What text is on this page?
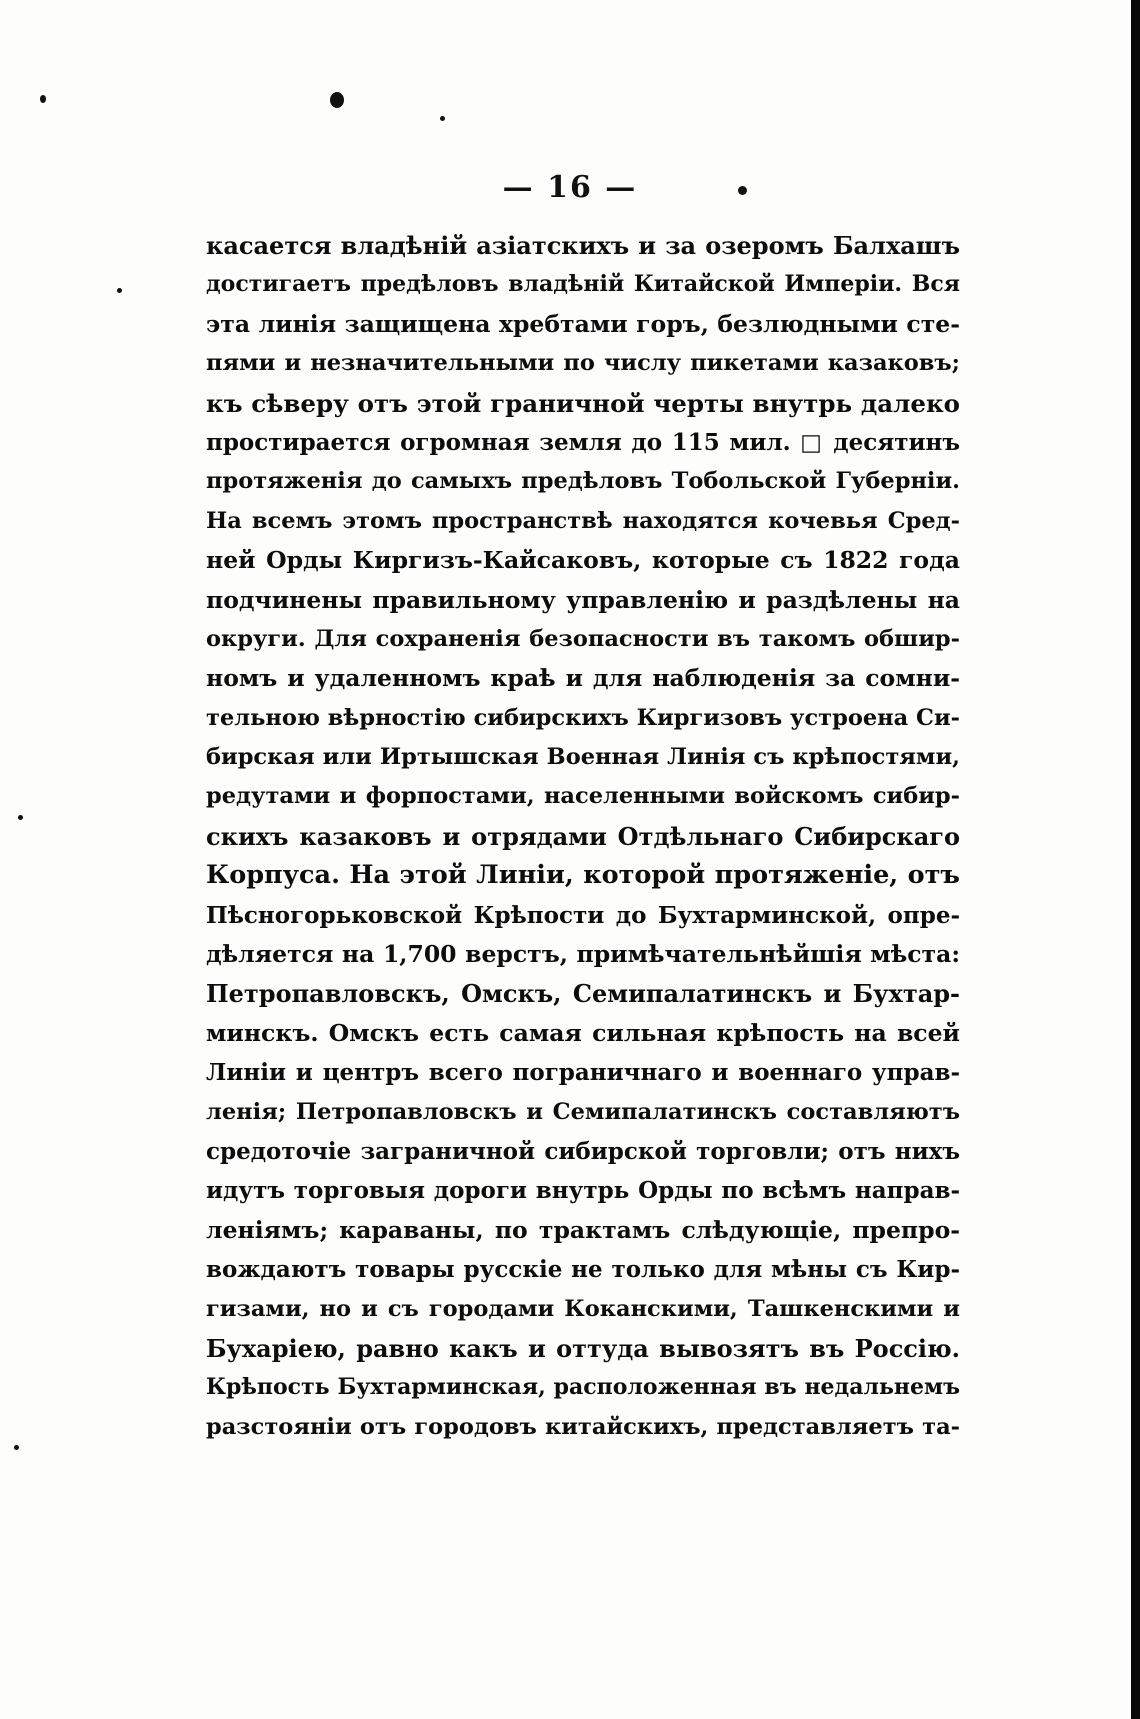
— 16 —
касается владѣній азіатскихъ и за озеромъ Балхашъ
достигаетъ предѣловъ владѣній Китайской Имперіи. Вся
эта линія защищена хребтами горъ, безлюдными сте-
пями и незначительными по числу пикетами казаковъ;
къ сѣверу отъ этой граничной черты внутрь далеко
простирается огромная земля до 115 мил. □ десятинъ
протяженія до самыхъ предѣловъ Тобольской Губерніи.
На всемъ этомъ пространствѣ находятся кочевья Сред-
ней Орды Киргизъ-Кайсаковъ, которые съ 1822 года
подчинены правильному управленію и раздѣлены на
округи. Для сохраненія безопасности въ такомъ обшир-
номъ и удаленномъ краѣ и для наблюденія за сомни-
тельною вѣрностію сибирскихъ Киргизовъ устроена Си-
бирская или Иртышская Военная Линія съ крѣпостями,
редутами и форпостами, населенными войскомъ сибир-
скихъ казаковъ и отрядами Отдѣльнаго Сибирскаго
Корпуса. На этой Линіи, которой протяженіе, отъ
Пѣсногорьковской Крѣпости до Бухтарминской, опре-
дѣляется на 1,700 верстъ, примѣчательнѣйшія мѣста:
Петропавловскъ, Омскъ, Семипалатинскъ и Бухтар-
минскъ. Омскъ есть самая сильная крѣпость на всей
Линіи и центръ всего пограничнаго и военнаго управ-
ленія; Петропавловскъ и Семипалатинскъ составляютъ
средоточіе заграничной сибирской торговли; отъ нихъ
идутъ торговыя дороги внутрь Орды по всѣмъ направ-
леніямъ; караваны, по трактамъ слѣдующіе, препро-
вождаютъ товары русскіе не только для мѣны съ Кир-
гизами, но и съ городами Коканскими, Ташкенскими и
Бухаріею, равно какъ и оттуда вывозятъ въ Россію.
Крѣпость Бухтарминская, расположенная въ недальнемъ
разстояніи отъ городовъ китайскихъ, представляетъ та-
